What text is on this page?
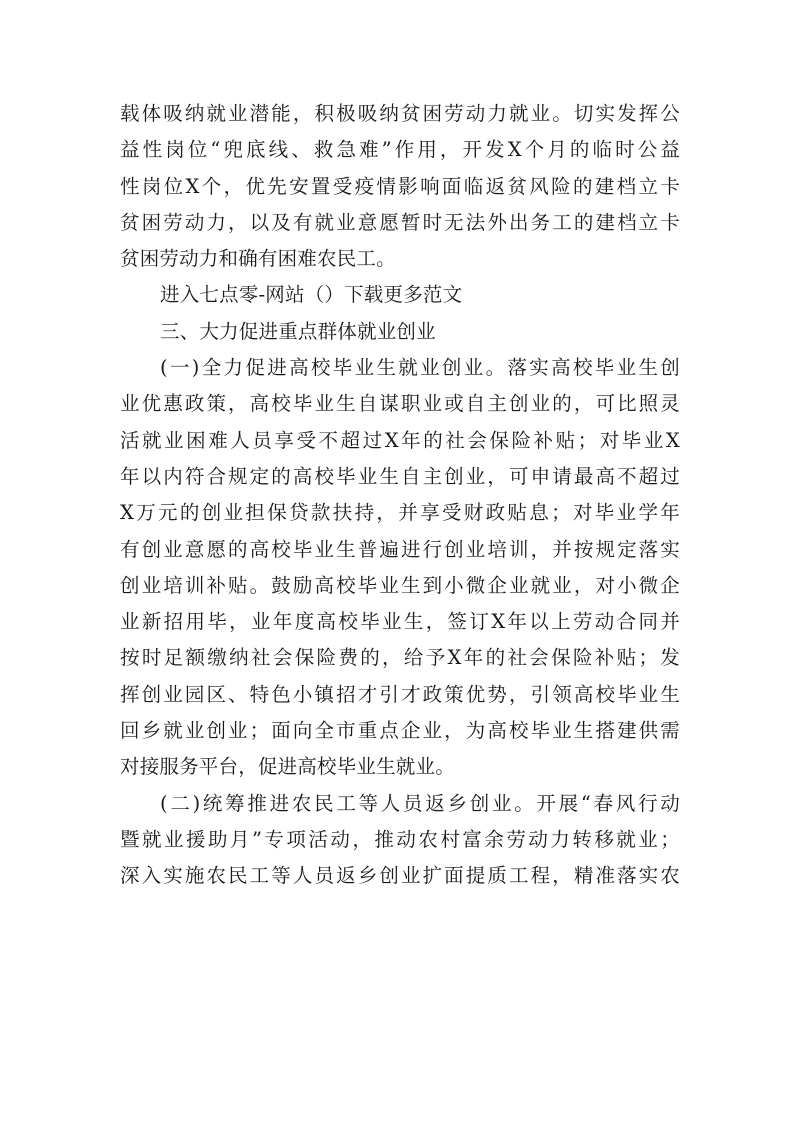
载体吸纳就业潜能，积极吸纳贫困劳动力就业。切实发挥公
益性岗位“兜底线、救急难”作用，开发X个月的临时公益
性岗位X个，优先安置受疫情影响面临返贫风险的建档立卡
贫困劳动力，以及有就业意愿暂时无法外出务工的建档立卡
贫困劳动力和确有困难农民工。
进入七点零-网站（）下载更多范文
三、大力促进重点群体就业创业
(一)全力促进高校毕业生就业创业。落实高校毕业生创
业优惠政策，高校毕业生自谋职业或自主创业的，可比照灵
活就业困难人员享受不超过X年的社会保险补贴；对毕业X
年以内符合规定的高校毕业生自主创业，可申请最高不超过
X万元的创业担保贷款扶持，并享受财政贴息；对毕业学年
有创业意愿的高校毕业生普遍进行创业培训，并按规定落实
创业培训补贴。鼓励高校毕业生到小微企业就业，对小微企
业新招用毕，业年度高校毕业生，签订X年以上劳动合同并
按时足额缴纳社会保险费的，给予X年的社会保险补贴；发
挥创业园区、特色小镇招才引才政策优势，引领高校毕业生
回乡就业创业；面向全市重点企业，为高校毕业生搭建供需
对接服务平台，促进高校毕业生就业。
(二)统筹推进农民工等人员返乡创业。开展“春风行动
暨就业援助月”专项活动，推动农村富余劳动力转移就业；
深入实施农民工等人员返乡创业扩面提质工程，精准落实农
